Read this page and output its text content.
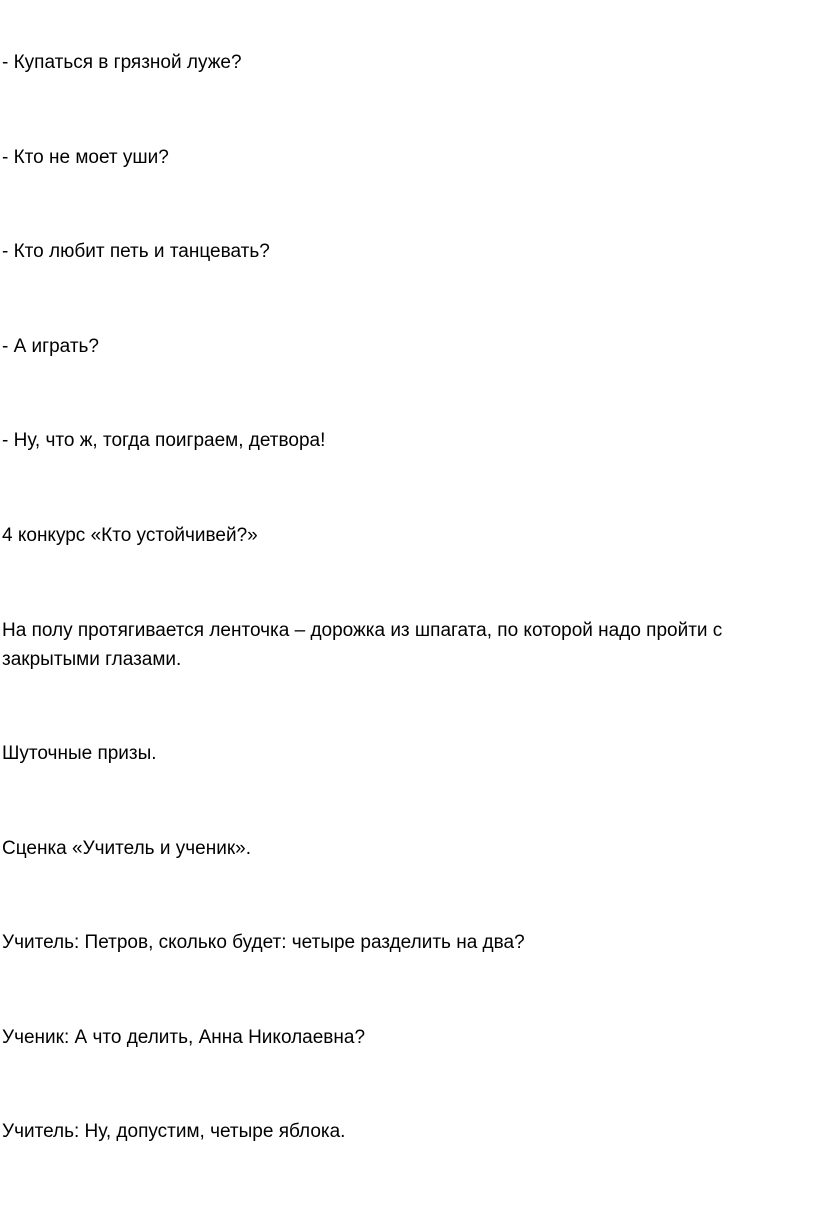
- Купаться в грязной луже?

- Кто не моет уши?

- Кто любит петь и танцевать?

- А играть?

- Ну, что ж, тогда поиграем, детвора!

4 конкурс «Кто устойчивей?»

На полу протягивается ленточка – дорожка из шпагата, по которой надо пройти с закрытыми глазами.

Шуточные призы.

Сценка «Учитель и ученик».

Учитель: Петров, сколько будет: четыре разделить на два?

Ученик: А что делить, Анна Николаевна?

Учитель: Ну, допустим, четыре яблока.
